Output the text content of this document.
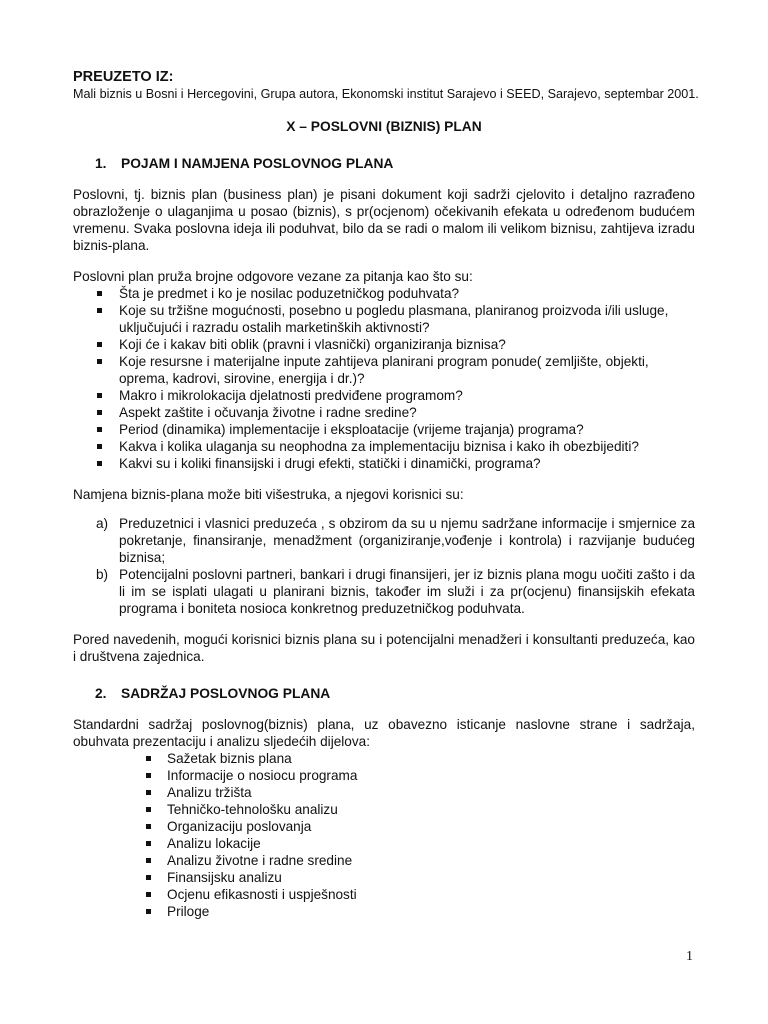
PREUZETO IZ:
Mali biznis u Bosni i Hercegovini, Grupa autora, Ekonomski institut Sarajevo i SEED, Sarajevo, septembar 2001.
X – POSLOVNI (BIZNIS) PLAN
1.	POJAM I NAMJENA POSLOVNOG PLANA
Poslovni, tj. biznis plan (business plan) je pisani dokument koji sadrži cjelovito i detaljno razrađeno obrazloženje o ulaganjima u posao (biznis), s pr(ocjenom) očekivanih efekata u određenom budućem vremenu. Svaka poslovna ideja ili poduhvat, bilo da se radi o malom ili velikom biznisu, zahtijeva izradu biznis-plana.
Poslovni plan pruža brojne odgovore vezane za pitanja kao što su:
Šta je predmet i ko je nosilac poduzetničkog poduhvata?
Koje su tržišne mogućnosti, posebno u pogledu plasmana, planiranog proizvoda i/ili usluge, uključujući i razradu ostalih marketinških aktivnosti?
Koji će i kakav biti oblik (pravni i vlasnički) organiziranja biznisa?
Koje resursne i materijalne inpute zahtijeva planirani program ponude( zemljište, objekti, oprema, kadrovi, sirovine, energija i dr.)?
Makro i mikrolokacija djelatnosti predviđene programom?
Aspekt zaštite i očuvanja životne i radne sredine?
Period (dinamika) implementacije i eksploatacije (vrijeme trajanja) programa?
Kakva i kolika ulaganja su neophodna za implementaciju biznisa i kako ih obezbijediti?
Kakvi su i koliki finansijski i drugi efekti, statički i dinamički, programa?
Namjena biznis-plana može biti višestruka, a njegovi korisnici su:
a) Preduzetnici i vlasnici preduzeća , s obzirom da su u njemu sadržane informacije i smjernice za pokretanje, finansiranje, menadžment (organiziranje,vođenje i kontrola) i razvijanje budućeg biznisa;
b) Potencijalni poslovni partneri, bankari i drugi finansijeri, jer iz biznis plana mogu uočiti zašto i da li im se isplati ulagati u planirani biznis, također im služi i za pr(ocjenu) finansijskih efekata programa i boniteta nosioca konkretnog preduzetničkog poduhvata.
Pored navedenih, mogući korisnici biznis plana su i potencijalni menadžeri i konsultanti preduzeća, kao i društvena zajednica.
2.	SADRŽAJ POSLOVNOG PLANA
Standardni sadržaj poslovnog(biznis) plana, uz obavezno isticanje naslovne strane i sadržaja, obuhvata prezentaciju i analizu sljedećih dijelova:
Sažetak biznis plana
Informacije o nosiocu programa
Analizu tržišta
Tehničko-tehnološku analizu
Organizaciju poslovanja
Analizu lokacije
Analizu životne i radne sredine
Finansijsku analizu
Ocjenu efikasnosti i uspješnosti
Priloge
1
